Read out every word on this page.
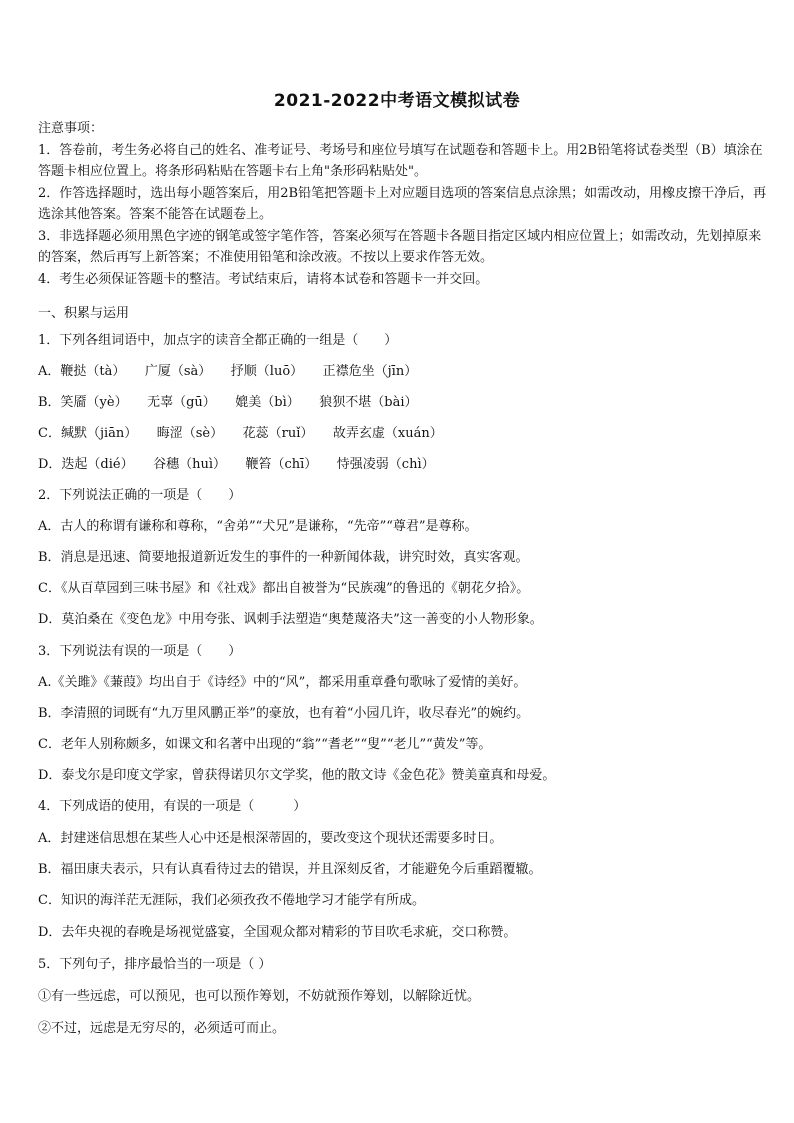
2021-2022中考语文模拟试卷

注意事项：

1．答卷前，考生务必将自己的姓名、准考证号、考场号和座位号填写在试题卷和答题卡上。用2B铅笔将试卷类型（B）填涂在答题卡相应位置上。将条形码粘贴在答题卡右上角"条形码粘贴处"。

2．作答选择题时，选出每小题答案后，用2B铅笔把答题卡上对应题目选项的答案信息点涂黑；如需改动，用橡皮擦干净后，再选涂其他答案。答案不能答在试题卷上。

3．非选择题必须用黑色字迹的钢笔或签字笔作答，答案必须写在答题卡各题目指定区域内相应位置上；如需改动，先划掉原来的答案，然后再写上新答案；不准使用铅笔和涂改液。不按以上要求作答无效。

4．考生必须保证答题卡的整洁。考试结束后，请将本试卷和答题卡一并交回。

一、积累与运用
1．下列各组词语中，加点字的读音全都正确的一组是（　　）
A．鞭挞（tà）　　广厦（sà）　　抒顺（luō）　　正襟危坐（jīn）
B．笑靥（yè）　　无辜（gū）　　媲美（bì）　　狼狈不堪（bài）
C．缄默（jiān）　　晦涩（sè）　　花蕊（ruǐ）　　故弄玄虚（xuán）
D．迭起（dié）　　谷穗（huì）　　鞭笞（chī）　　恃强凌弱（chì）
2．下列说法正确的一项是（　　）
A．古人的称谓有谦称和尊称，“舍弟”“犬兄”是谦称，“先帝”“尊君”是尊称。
B．消息是迅速、简要地报道新近发生的事件的一种新闻体裁，讲究时效，真实客观。
C．《从百草园到三味书屋》和《社戏》都出自被誉为“民族魂”的鲁迅的《朝花夕拾》。
D．莫泊桑在《变色龙》中用夸张、讽刺手法塑造“奥楚蔑洛夫”这一善变的小人物形象。
3．下列说法有误的一项是（　　）
A.《关雎》《蒹葭》均出自于《诗经》中的“风”，都采用重章叠句歌咏了爱情的美好。
B．李清照的词既有“九万里风鹏正举”的豪放，也有着“小园几许，收尽春光”的婉约。
C．老年人别称颇多，如课文和名著中出现的“翁”“耆老”“叟”“老儿”“黄发”等。
D．泰戈尔是印度文学家，曾获得诺贝尔文学奖，他的散文诗《金色花》赞美童真和母爱。
4．下列成语的使用，有误的一项是（　　　）
A．封建迷信思想在某些人心中还是根深蒂固的，要改变这个现状还需要多时日。
B．福田康夫表示，只有认真看待过去的错误，并且深刻反省，才能避免今后重蹈覆辙。
C．知识的海洋茫无涯际，我们必须孜孜不倦地学习才能学有所成。
D．去年央视的春晚是场视觉盛宴，全国观众都对精彩的节目吹毛求疵，交口称赞。
5．下列句子，排序最恰当的一项是（ ）
①有一些远虑，可以预见，也可以预作筹划，不妨就预作筹划，以解除近忧。
②不过，远虑是无穷尽的，必须适可而止。
